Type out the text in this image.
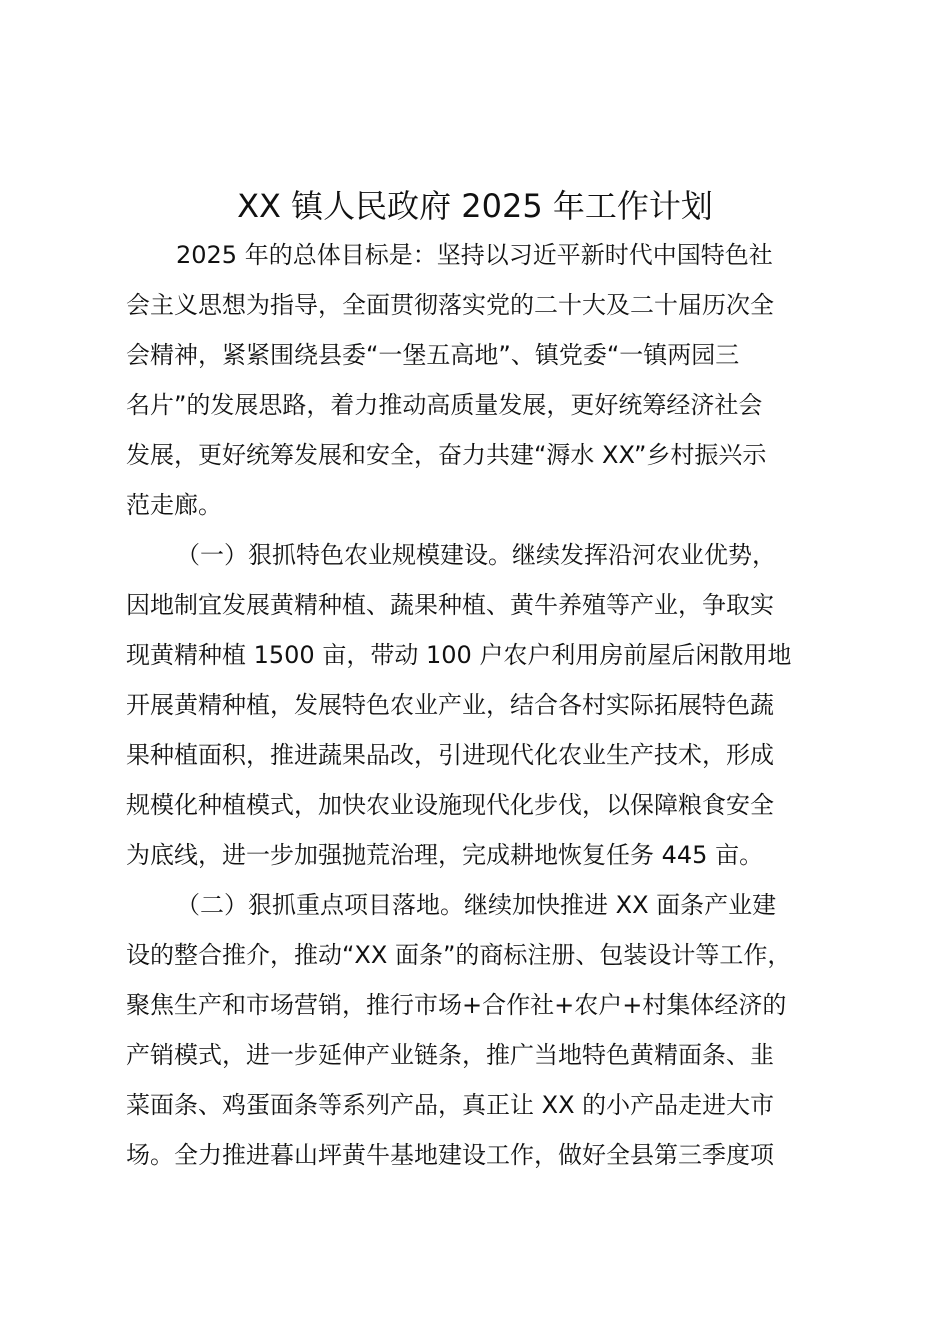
XX 镇人民政府 2025 年工作计划

2025 年的总体目标是：坚持以习近平新时代中国特色社
会主义思想为指导，全面贯彻落实党的二十大及二十届历次全
会精神，紧紧围绕县委“一堡五高地”、镇党委“一镇两园三
名片”的发展思路，着力推动高质量发展，更好统筹经济社会
发展，更好统筹发展和安全，奋力共建“溽水 XX”乡村振兴示
范走廊。

（一）狠抓特色农业规模建设。继续发挥沿河农业优势，
因地制宜发展黄精种植、蔬果种植、黄牛养殖等产业，争取实
现黄精种植 1500 亩，带动 100 户农户利用房前屋后闲散用地
开展黄精种植，发展特色农业产业，结合各村实际拓展特色蔬
果种植面积，推进蔬果品改，引进现代化农业生产技术，形成
规模化种植模式，加快农业设施现代化步伐，以保障粮食安全
为底线，进一步加强抛荒治理，完成耕地恢复任务 445 亩。

（二）狠抓重点项目落地。继续加快推进 XX 面条产业建
设的整合推介，推动“XX 面条”的商标注册、包装设计等工作，
聚焦生产和市场营销，推行市场+合作社+农户+村集体经济的
产销模式，进一步延伸产业链条，推广当地特色黄精面条、韭
菜面条、鸡蛋面条等系列产品，真正让 XX 的小产品走进大市
场。全力推进暮山坪黄牛基地建设工作，做好全县第三季度项
